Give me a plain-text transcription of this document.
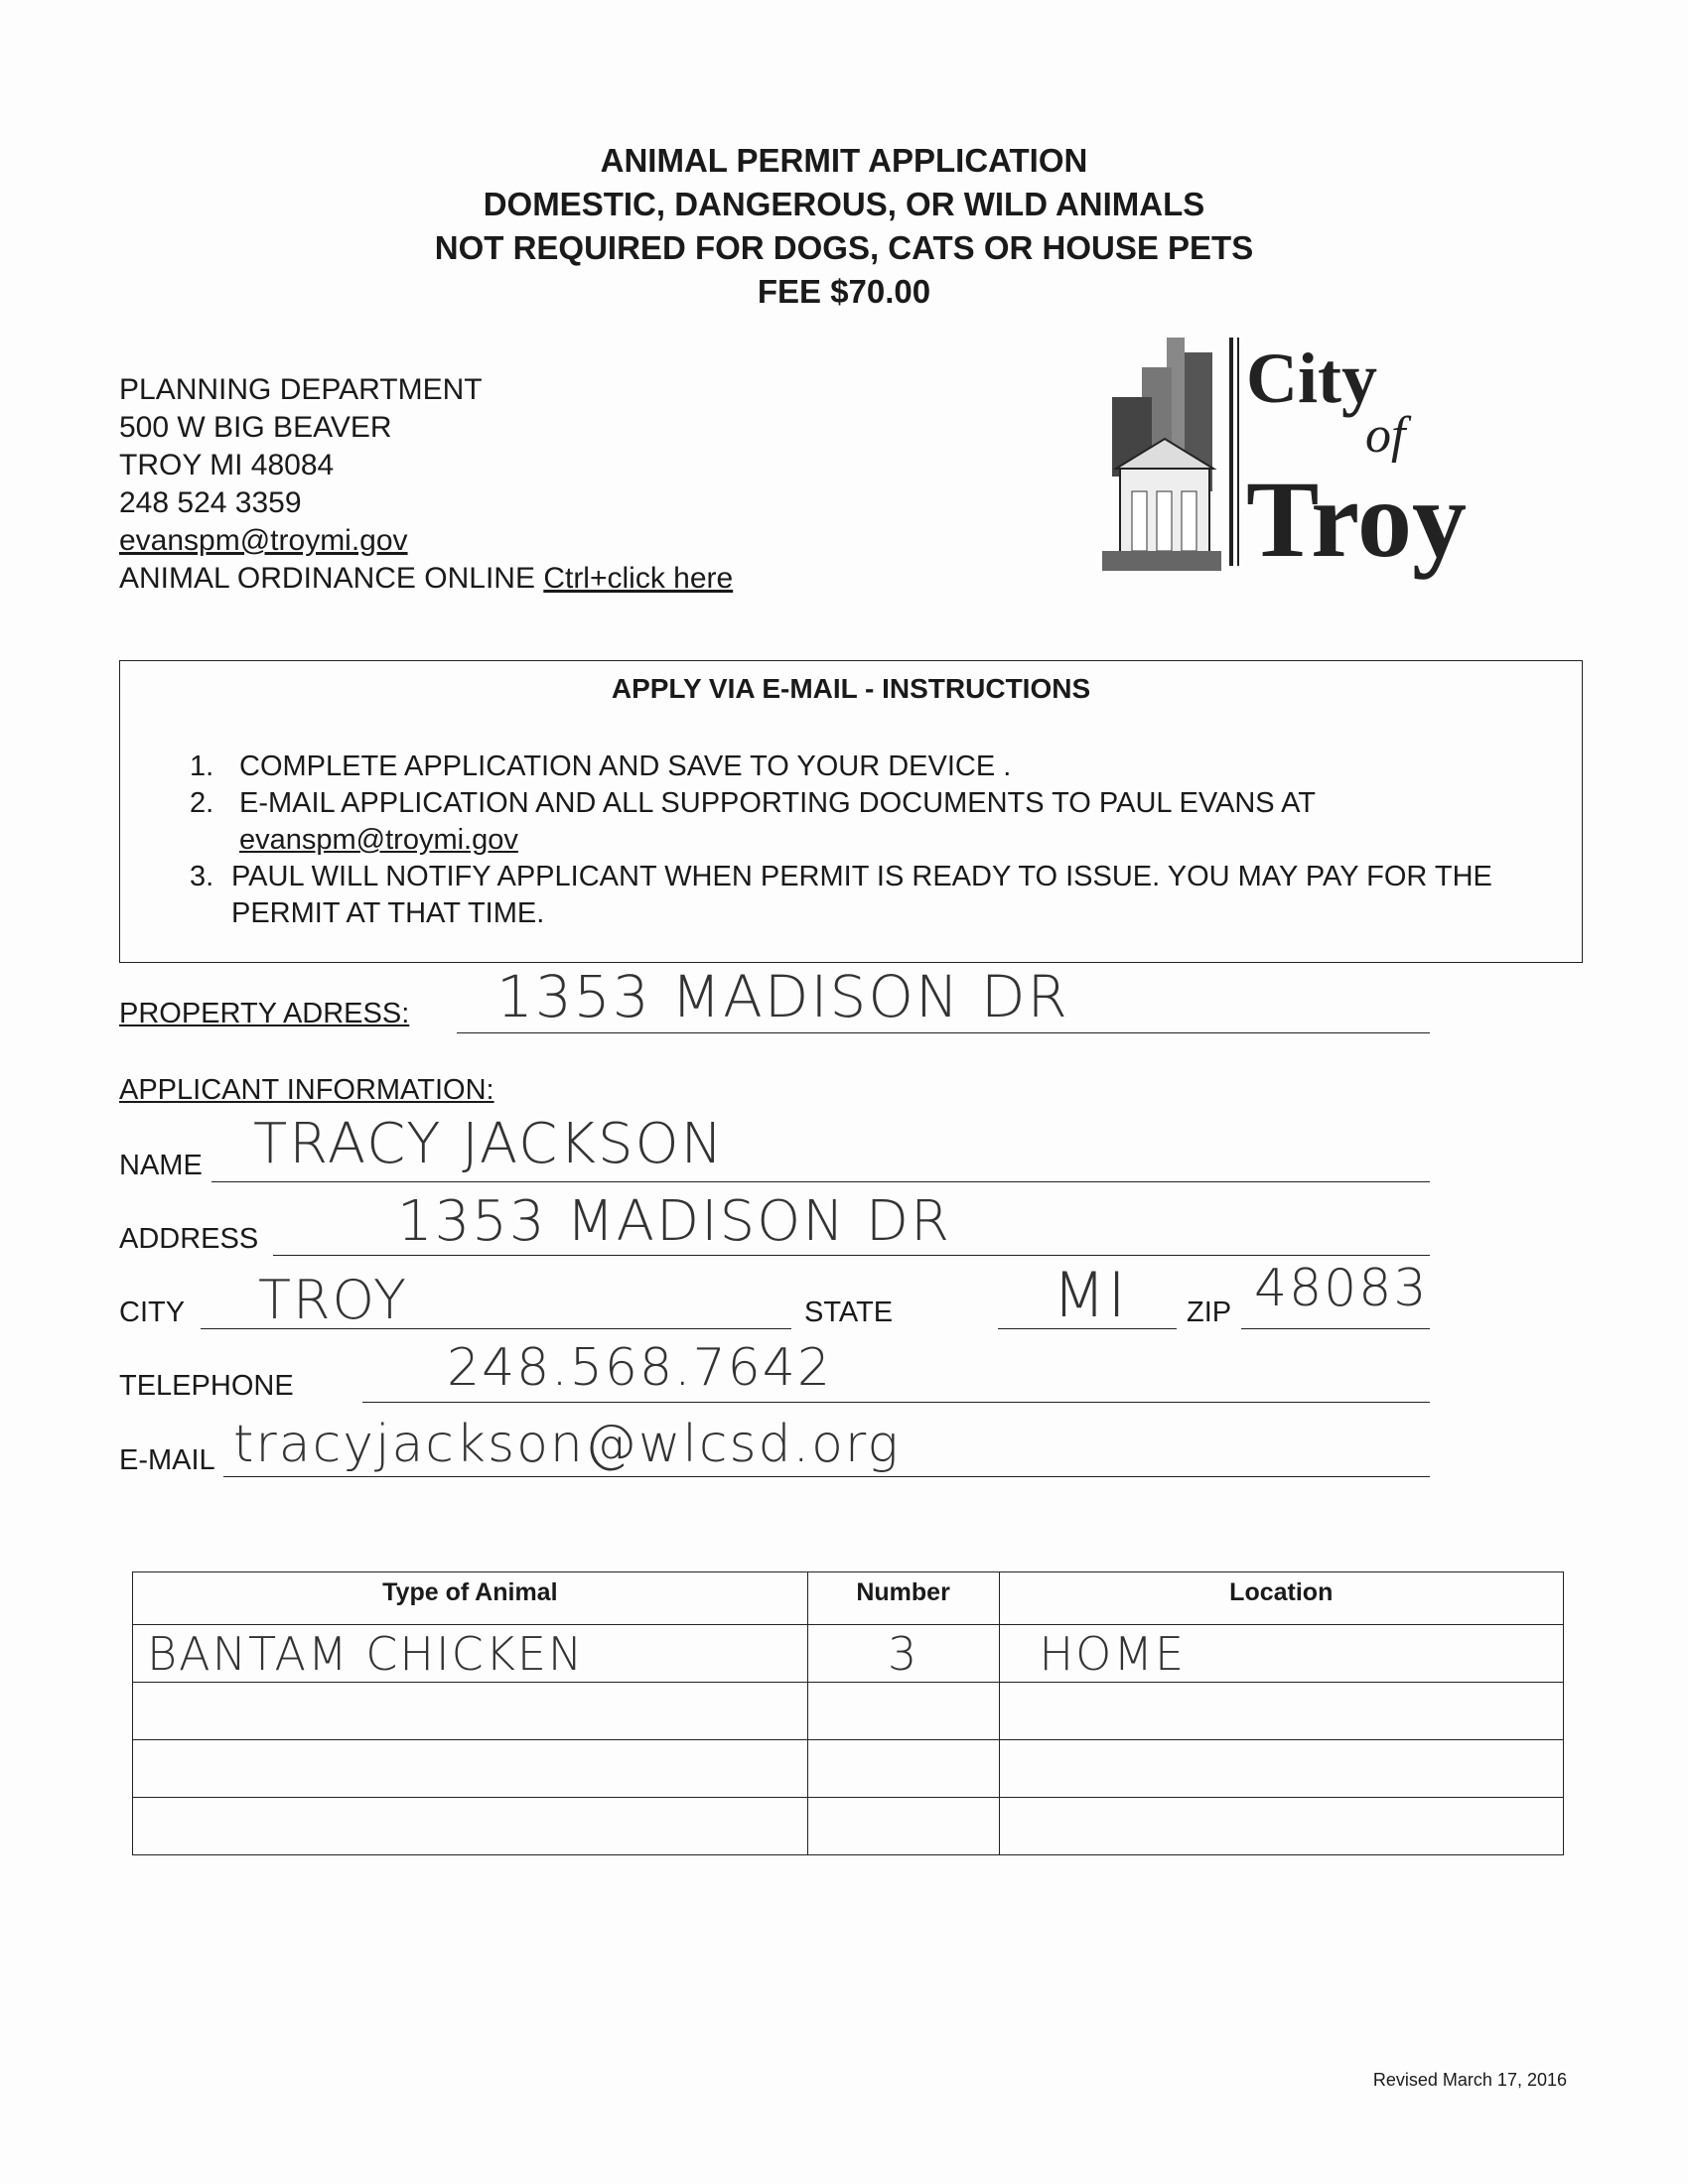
ANIMAL PERMIT APPLICATION
DOMESTIC, DANGEROUS, OR WILD ANIMALS
NOT REQUIRED FOR DOGS, CATS OR HOUSE PETS
FEE $70.00
PLANNING DEPARTMENT
500 W BIG BEAVER
TROY MI 48084
248 524 3359
evanspm@troymi.gov
ANIMAL ORDINANCE ONLINE Ctrl+click here
City
of
Troy
APPLY VIA E-MAIL - INSTRUCTIONS
1. COMPLETE APPLICATION AND SAVE TO YOUR DEVICE .
2. E-MAIL APPLICATION AND ALL SUPPORTING DOCUMENTS TO PAUL EVANS AT
evanspm@troymi.gov
3. PAUL WILL NOTIFY APPLICANT WHEN PERMIT IS READY TO ISSUE. YOU MAY PAY FOR THE PERMIT AT THAT TIME.
PROPERTY ADRESS: 1353 MADISON DR
APPLICANT INFORMATION:
NAME TRACY JACKSON
ADDRESS 1353 MADISON DR
CITY TROY	STATE	MI ZIP 48083
TELEPHONE	248.568.7642
E-MAIL tracyjackson@wlcsd.org
Type of Animal	Number	Location
BANTAM CHICKEN	3	HOME

Revised March 17, 2016
